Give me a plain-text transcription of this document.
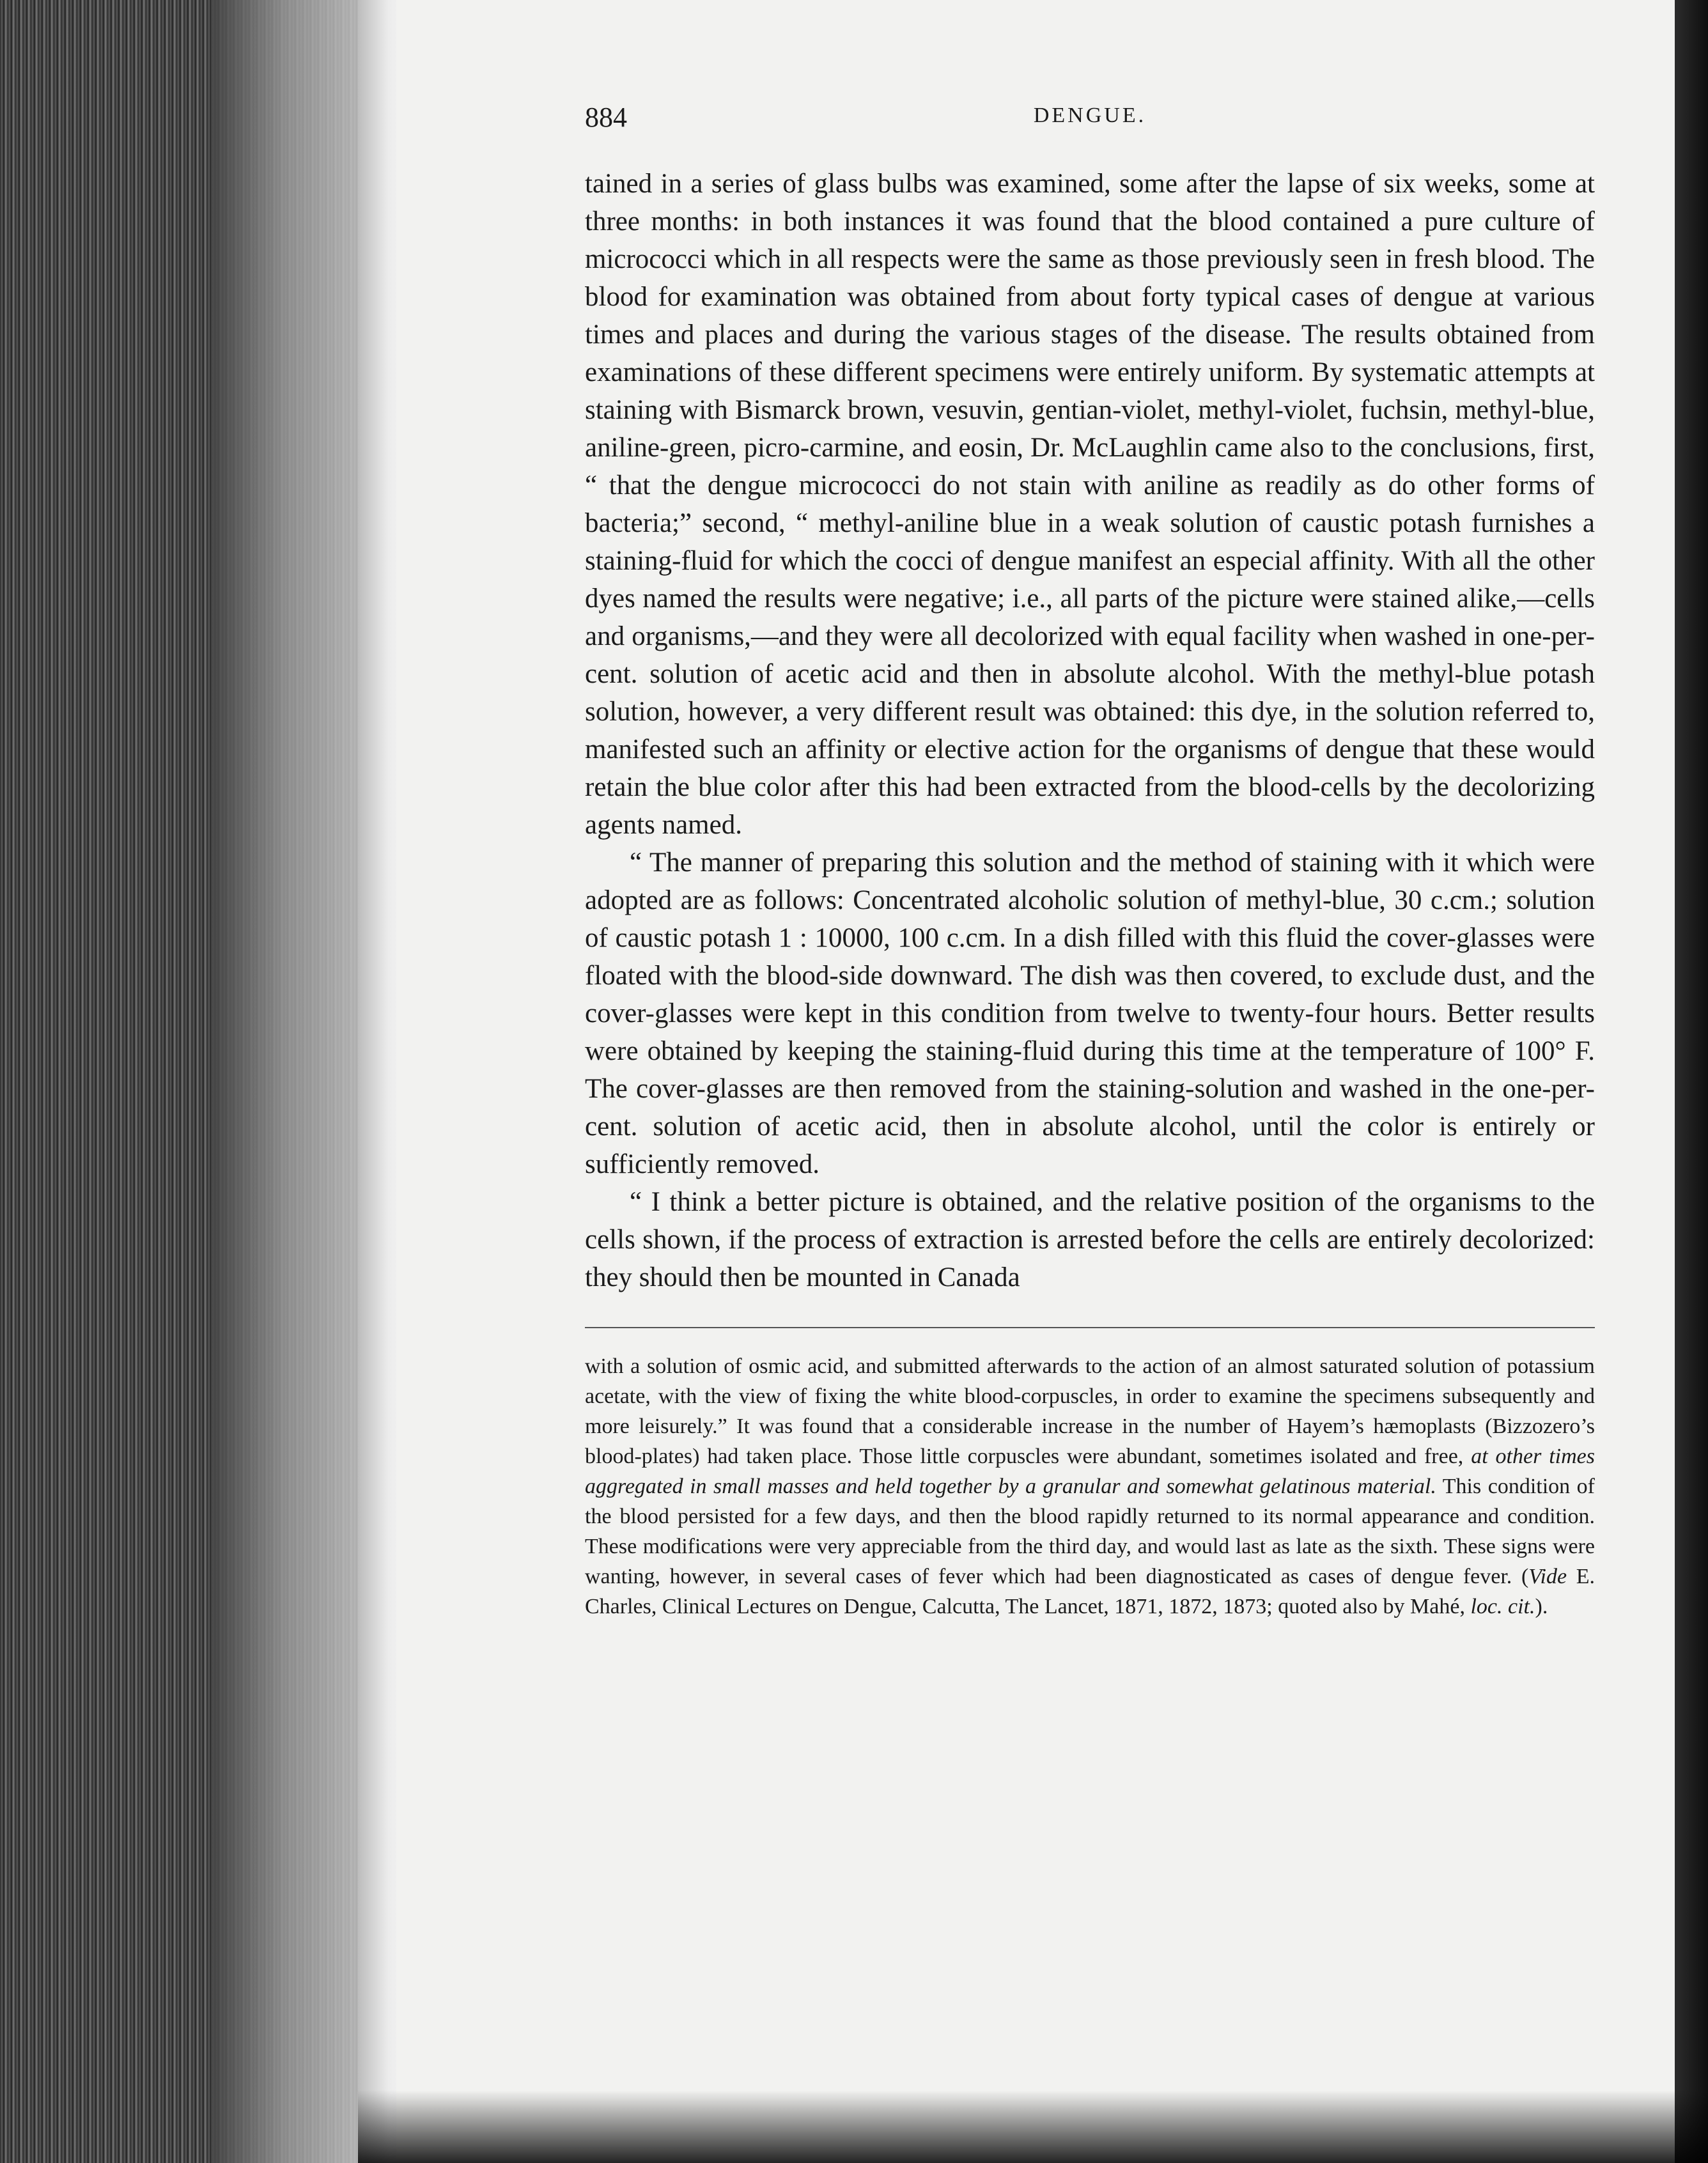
884	DENGUE.

tained in a series of glass bulbs was examined, some after the lapse of six weeks, some at three months: in both instances it was found that the blood contained a pure culture of micrococci which in all respects were the same as those previously seen in fresh blood. The blood for examination was obtained from about forty typical cases of dengue at various times and places and during the various stages of the disease. The results obtained from examinations of these different specimens were entirely uniform. By systematic attempts at staining with Bismarck brown, vesuvin, gentian-violet, methyl-violet, fuchsin, methyl-blue, aniline-green, picro-carmine, and eosin, Dr. McLaughlin came also to the conclusions, first, “ that the dengue micrococci do not stain with aniline as readily as do other forms of bacteria;” second, “ methyl-aniline blue in a weak solution of caustic potash furnishes a staining-fluid for which the cocci of dengue manifest an especial affinity. With all the other dyes named the results were negative; i.e., all parts of the picture were stained alike,—cells and organisms,—and they were all decolorized with equal facility when washed in one-per-cent. solution of acetic acid and then in absolute alcohol. With the methyl-blue potash solution, however, a very different result was obtained: this dye, in the solution referred to, manifested such an affinity or elective action for the organisms of dengue that these would retain the blue color after this had been extracted from the blood-cells by the decolorizing agents named.

“ The manner of preparing this solution and the method of staining with it which were adopted are as follows: Concentrated alcoholic solution of methyl-blue, 30 c.cm.; solution of caustic potash 1 : 10000, 100 c.cm. In a dish filled with this fluid the cover-glasses were floated with the blood-side downward. The dish was then covered, to exclude dust, and the cover-glasses were kept in this condition from twelve to twenty-four hours. Better results were obtained by keeping the staining-fluid during this time at the temperature of 100° F. The cover-glasses are then removed from the staining-solution and washed in the one-per-cent. solution of acetic acid, then in absolute alcohol, until the color is entirely or sufficiently removed.

“ I think a better picture is obtained, and the relative position of the organisms to the cells shown, if the process of extraction is arrested before the cells are entirely decolorized: they should then be mounted in Canada

with a solution of osmic acid, and submitted afterwards to the action of an almost saturated solution of potassium acetate, with the view of fixing the white blood-corpuscles, in order to examine the specimens subsequently and more leisurely.” It was found that a considerable increase in the number of Hayem’s hæmoplasts (Bizzozero’s blood-plates) had taken place. Those little corpuscles were abundant, sometimes isolated and free, at other times aggregated in small masses and held together by a granular and somewhat gelatinous material. This condition of the blood persisted for a few days, and then the blood rapidly returned to its normal appearance and condition. These modifications were very appreciable from the third day, and would last as late as the sixth. These signs were wanting, however, in several cases of fever which had been diagnosticated as cases of dengue fever. (Vide E. Charles, Clinical Lectures on Dengue, Calcutta, The Lancet, 1871, 1872, 1873; quoted also by Mahé, loc. cit.).
